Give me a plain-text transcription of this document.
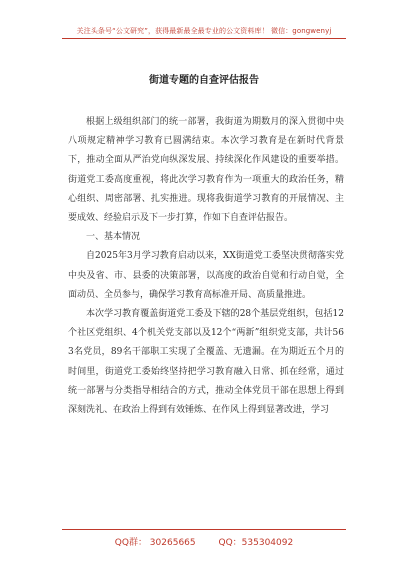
关注头条号“公文研究”，获得最新最全最专业的公文资料库！ 微信：gongwenyj
街道专题的自查评估报告

根据上级组织部门的统一部署，我街道为期数月的深入贯彻中央八项规定精神学习教育已圆满结束。本次学习教育是在新时代背景下，推动全面从严治党向纵深发展、持续深化作风建设的重要举措。街道党工委高度重视，将此次学习教育作为一项重大的政治任务，精心组织、周密部署、扎实推进。现将我街道学习教育的开展情况、主要成效、经验启示及下一步打算，作如下自查评估报告。

一、基本情况

自2025年3月学习教育启动以来，XX街道党工委坚决贯彻落实党中央及省、市、县委的决策部署，以高度的政治自觉和行动自觉，全面动员、全员参与，确保学习教育高标准开局、高质量推进。

本次学习教育覆盖街道党工委及下辖的28个基层党组织，包括12个社区党组织、4个机关党支部以及12个“两新”组织党支部，共计563名党员，89名干部职工实现了全覆盖、无遗漏。在为期近五个月的时间里，街道党工委始终坚持把学习教育融入日常、抓在经常，通过统一部署与分类指导相结合的方式，推动全体党员干部在思想上得到深刻洗礼、在政治上得到有效锤炼、在作风上得到显著改进，学习

QQ群： 30265665	QQ：535304092
